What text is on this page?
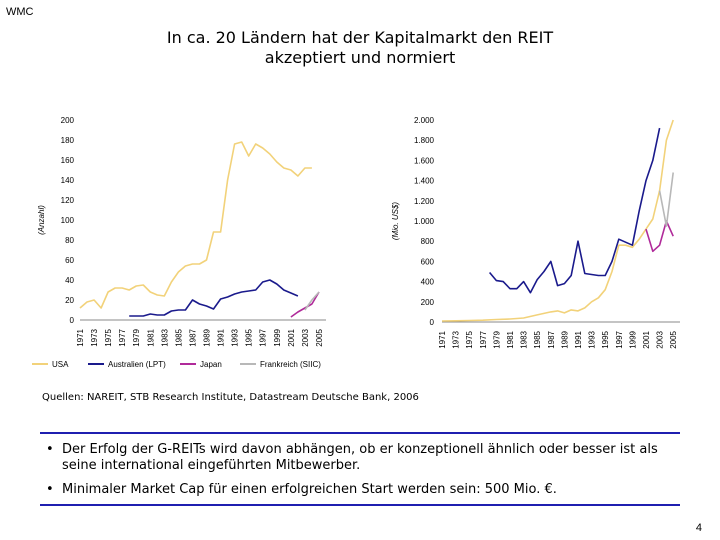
WMC
In ca. 20 Ländern hat der Kapitalmarkt den REIT
akzeptiert und normiert
0
20
40
60
80
100
120
140
160
180
200
(Anzahl)
1971 1973 1975 1977 1979 1981 1983 1985 1987 1989 1991 1993 1995 1997 1999 2001 2003 2005
USA	Australien (LPT)	Japan	Frankreich (SIIC)
0
200
400
600
800
1.000
1.200
1.400
1.600
1.800
2.000
(Mio. US$)
1971 1973 1975 1977 1979 1981 1983 1985 1987 1989 1991 1993 1995 1997 1999 2001 2003 2005
Quellen: NAREIT, STB Research Institute, Datastream Deutsche Bank, 2006
• Der Erfolg der G-REITs wird davon abhängen, ob er konzeptionell ähnlich oder besser ist als seine international eingeführten Mitbewerber.
• Minimaler Market Cap für einen erfolgreichen Start werden sein: 500 Mio. €.
4
